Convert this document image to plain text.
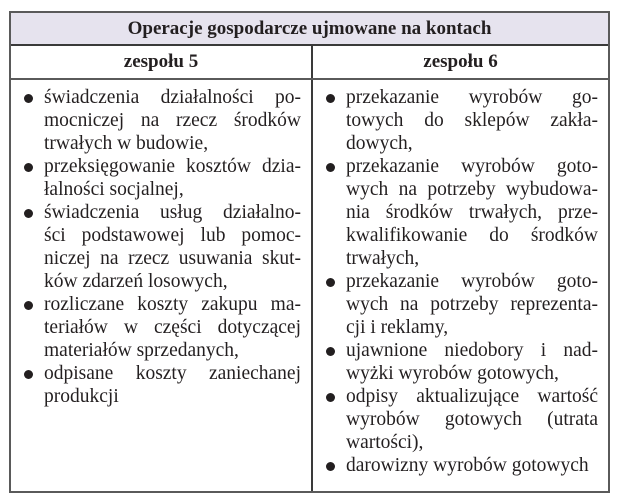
Operacje gospodarcze ujmowane na kontach
zespołu 5	zespołu 6
świadczenia działalności po-
mocniczej na rzecz środków
trwałych w budowie,
przeksięgowanie kosztów dzia-
łalności socjalnej,
świadczenia usług działalno-
ści podstawowej lub pomoc-
niczej na rzecz usuwania skut-
ków zdarzeń losowych,
rozliczane koszty zakupu ma-
teriałów w części dotyczącej
materiałów sprzedanych,
odpisane koszty zaniechanej
produkcji
przekazanie wyrobów go-
towych do sklepów zakła-
dowych,
przekazanie wyrobów goto-
wych na potrzeby wybudowa-
nia środków trwałych, prze-
kwalifikowanie do środków
trwałych,
przekazanie wyrobów goto-
wych na potrzeby reprezenta-
cji i reklamy,
ujawnione niedobory i nad-
wyżki wyrobów gotowych,
odpisy aktualizujące wartość
wyrobów gotowych (utrata
wartości),
darowizny wyrobów gotowych
